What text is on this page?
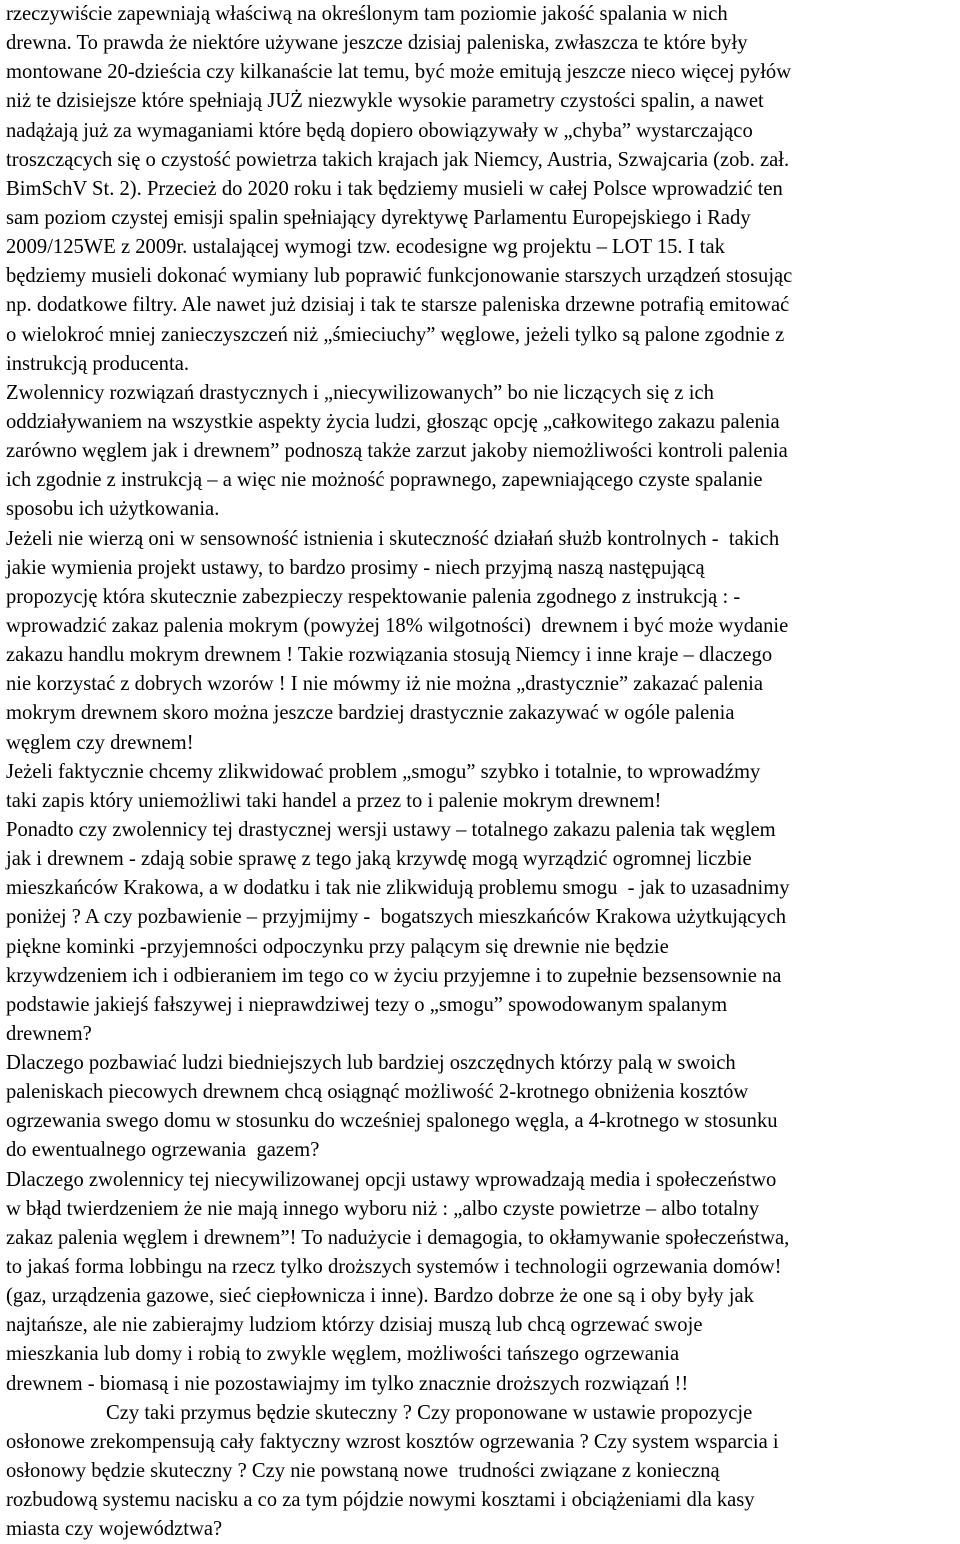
rzeczywiście zapewniają właściwą na określonym tam poziomie jakość spalania w nich
drewna. To prawda że niektóre używane jeszcze dzisiaj paleniska, zwłaszcza te które były
montowane 20-dzieścia czy kilkanaście lat temu, być może emitują jeszcze nieco więcej pyłów
niż te dzisiejsze które spełniają JUŻ niezwykle wysokie parametry czystości spalin, a nawet
nadążają już za wymaganiami które będą dopiero obowiązywały w „chyba” wystarczająco
troszczących się o czystość powietrza takich krajach jak Niemcy, Austria, Szwajcaria (zob. zał.
BimSchV St. 2). Przecież do 2020 roku i tak będziemy musieli w całej Polsce wprowadzić ten
sam poziom czystej emisji spalin spełniający dyrektywę Parlamentu Europejskiego i Rady
2009/125WE z 2009r. ustalającej wymogi tzw. ecodesigne wg projektu – LOT 15. I tak
będziemy musieli dokonać wymiany lub poprawić funkcjonowanie starszych urządzeń stosując
np. dodatkowe filtry. Ale nawet już dzisiaj i tak te starsze paleniska drzewne potrafią emitować
o wielokroć mniej zanieczyszczeń niż „śmieciuchy” węglowe, jeżeli tylko są palone zgodnie z
instrukcją producenta.
Zwolennicy rozwiązań drastycznych i „niecywilizowanych” bo nie liczących się z ich
oddziaływaniem na wszystkie aspekty życia ludzi, głosząc opcję „całkowitego zakazu palenia
zarówno węglem jak i drewnem” podnoszą także zarzut jakoby niemożliwości kontroli palenia
ich zgodnie z instrukcją – a więc nie możność poprawnego, zapewniającego czyste spalanie
sposobu ich użytkowania.
Jeżeli nie wierzą oni w sensowność istnienia i skuteczność działań służb kontrolnych -  takich
jakie wymienia projekt ustawy, to bardzo prosimy - niech przyjmą naszą następującą
propozycję która skutecznie zabezpieczy respektowanie palenia zgodnego z instrukcją : -
wprowadzić zakaz palenia mokrym (powyżej 18% wilgotności)  drewnem i być może wydanie
zakazu handlu mokrym drewnem ! Takie rozwiązania stosują Niemcy i inne kraje – dlaczego
nie korzystać z dobrych wzorów ! I nie mówmy iż nie można „drastycznie” zakazać palenia
mokrym drewnem skoro można jeszcze bardziej drastycznie zakazywać w ogóle palenia
węglem czy drewnem!
Jeżeli faktycznie chcemy zlikwidować problem „smogu” szybko i totalnie, to wprowadźmy
taki zapis który uniemożliwi taki handel a przez to i palenie mokrym drewnem!
Ponadto czy zwolennicy tej drastycznej wersji ustawy – totalnego zakazu palenia tak węglem
jak i drewnem - zdają sobie sprawę z tego jaką krzywdę mogą wyrządzić ogromnej liczbie
mieszkańców Krakowa, a w dodatku i tak nie zlikwidują problemu smogu  - jak to uzasadnimy
poniżej ? A czy pozbawienie – przyjmijmy -  bogatszych mieszkańców Krakowa użytkujących
piękne kominki -przyjemności odpoczynku przy palącym się drewnie nie będzie
krzywdzeniem ich i odbieraniem im tego co w życiu przyjemne i to zupełnie bezsensownie na
podstawie jakiejś fałszywej i nieprawdziwej tezy o „smogu” spowodowanym spalanym
drewnem?
Dlaczego pozbawiać ludzi biedniejszych lub bardziej oszczędnych którzy palą w swoich
paleniskach piecowych drewnem chcą osiągnąć możliwość 2-krotnego obniżenia kosztów
ogrzewania swego domu w stosunku do wcześniej spalonego węgla, a 4-krotnego w stosunku
do ewentualnego ogrzewania  gazem?
Dlaczego zwolennicy tej niecywilizowanej opcji ustawy wprowadzają media i społeczeństwo
w błąd twierdzeniem że nie mają innego wyboru niż : „albo czyste powietrze – albo totalny
zakaz palenia węglem i drewnem”! To nadużycie i demagogia, to okłamywanie społeczeństwa,
to jakaś forma lobbingu na rzecz tylko droższych systemów i technologii ogrzewania domów!
(gaz, urządzenia gazowe, sieć ciepłownicza i inne). Bardzo dobrze że one są i oby były jak
najtańsze, ale nie zabierajmy ludziom którzy dzisiaj muszą lub chcą ogrzewać swoje
mieszkania lub domy i robią to zwykle węglem, możliwości tańszego ogrzewania
drewnem - biomasą i nie pozostawiajmy im tylko znacznie droższych rozwiązań !!
Czy taki przymus będzie skuteczny ? Czy proponowane w ustawie propozycje
osłonowe zrekompensują cały faktyczny wzrost kosztów ogrzewania ? Czy system wsparcia i
osłonowy będzie skuteczny ? Czy nie powstaną nowe  trudności związane z konieczną
rozbudową systemu nacisku a co za tym pójdzie nowymi kosztami i obciążeniami dla kasy
miasta czy województwa?
